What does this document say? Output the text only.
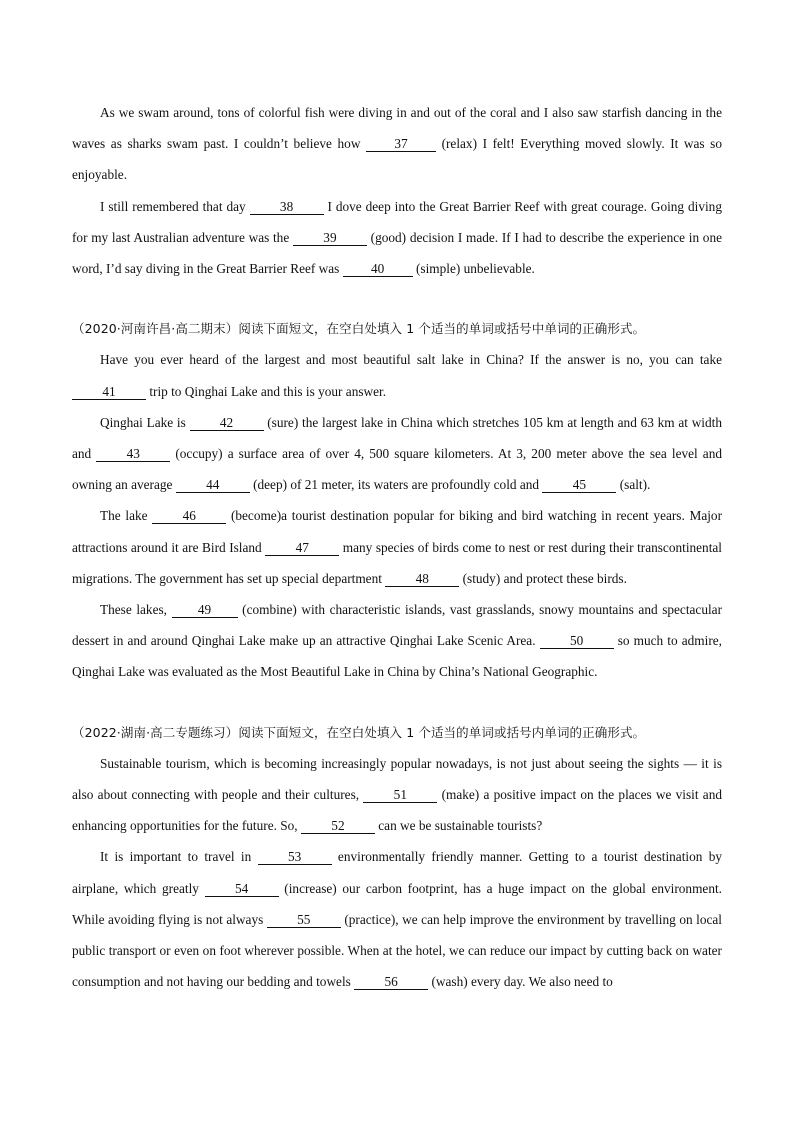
As we swam around, tons of colorful fish were diving in and out of the coral and I also saw starfish dancing in the waves as sharks swam past. I couldn’t believe how 37 (relax) I felt! Everything moved slowly. It was so enjoyable.

I still remembered that day 38 I dove deep into the Great Barrier Reef with great courage. Going diving for my last Australian adventure was the 39 (good) decision I made. If I had to describe the experience in one word, I’d say diving in the Great Barrier Reef was 40 (simple) unbelievable.

（2020·河南许昌·高二期末）阅读下面短文，在空白处填入 1 个适当的单词或括号中单词的正确形式。

Have you ever heard of the largest and most beautiful salt lake in China? If the answer is no, you can take 41 trip to Qinghai Lake and this is your answer.

Qinghai Lake is 42 (sure) the largest lake in China which stretches 105 km at length and 63 km at width and 43 (occupy) a surface area of over 4, 500 square kilometers. At 3, 200 meter above the sea level and owning an average 44 (deep) of 21 meter, its waters are profoundly cold and 45 (salt).

The lake 46 (become)a tourist destination popular for biking and bird watching in recent years. Major attractions around it are Bird Island 47 many species of birds come to nest or rest during their transcontinental migrations. The government has set up special department 48 (study) and protect these birds.

These lakes, 49 (combine) with characteristic islands, vast grasslands, snowy mountains and spectacular dessert in and around Qinghai Lake make up an attractive Qinghai Lake Scenic Area. 50 so much to admire, Qinghai Lake was evaluated as the Most Beautiful Lake in China by China’s National Geographic.

（2022·湖南·高二专题练习）阅读下面短文，在空白处填入 1 个适当的单词或括号内单词的正确形式。

Sustainable tourism, which is becoming increasingly popular nowadays, is not just about seeing the sights — it is also about connecting with people and their cultures, 51 (make) a positive impact on the places we visit and enhancing opportunities for the future. So, 52 can we be sustainable tourists?

It is important to travel in 53 environmentally friendly manner. Getting to a tourist destination by airplane, which greatly 54 (increase) our carbon footprint, has a huge impact on the global environment. While avoiding flying is not always 55 (practice), we can help improve the environment by travelling on local public transport or even on foot wherever possible. When at the hotel, we can reduce our impact by cutting back on water consumption and not having our bedding and towels 56 (wash) every day. We also need to
